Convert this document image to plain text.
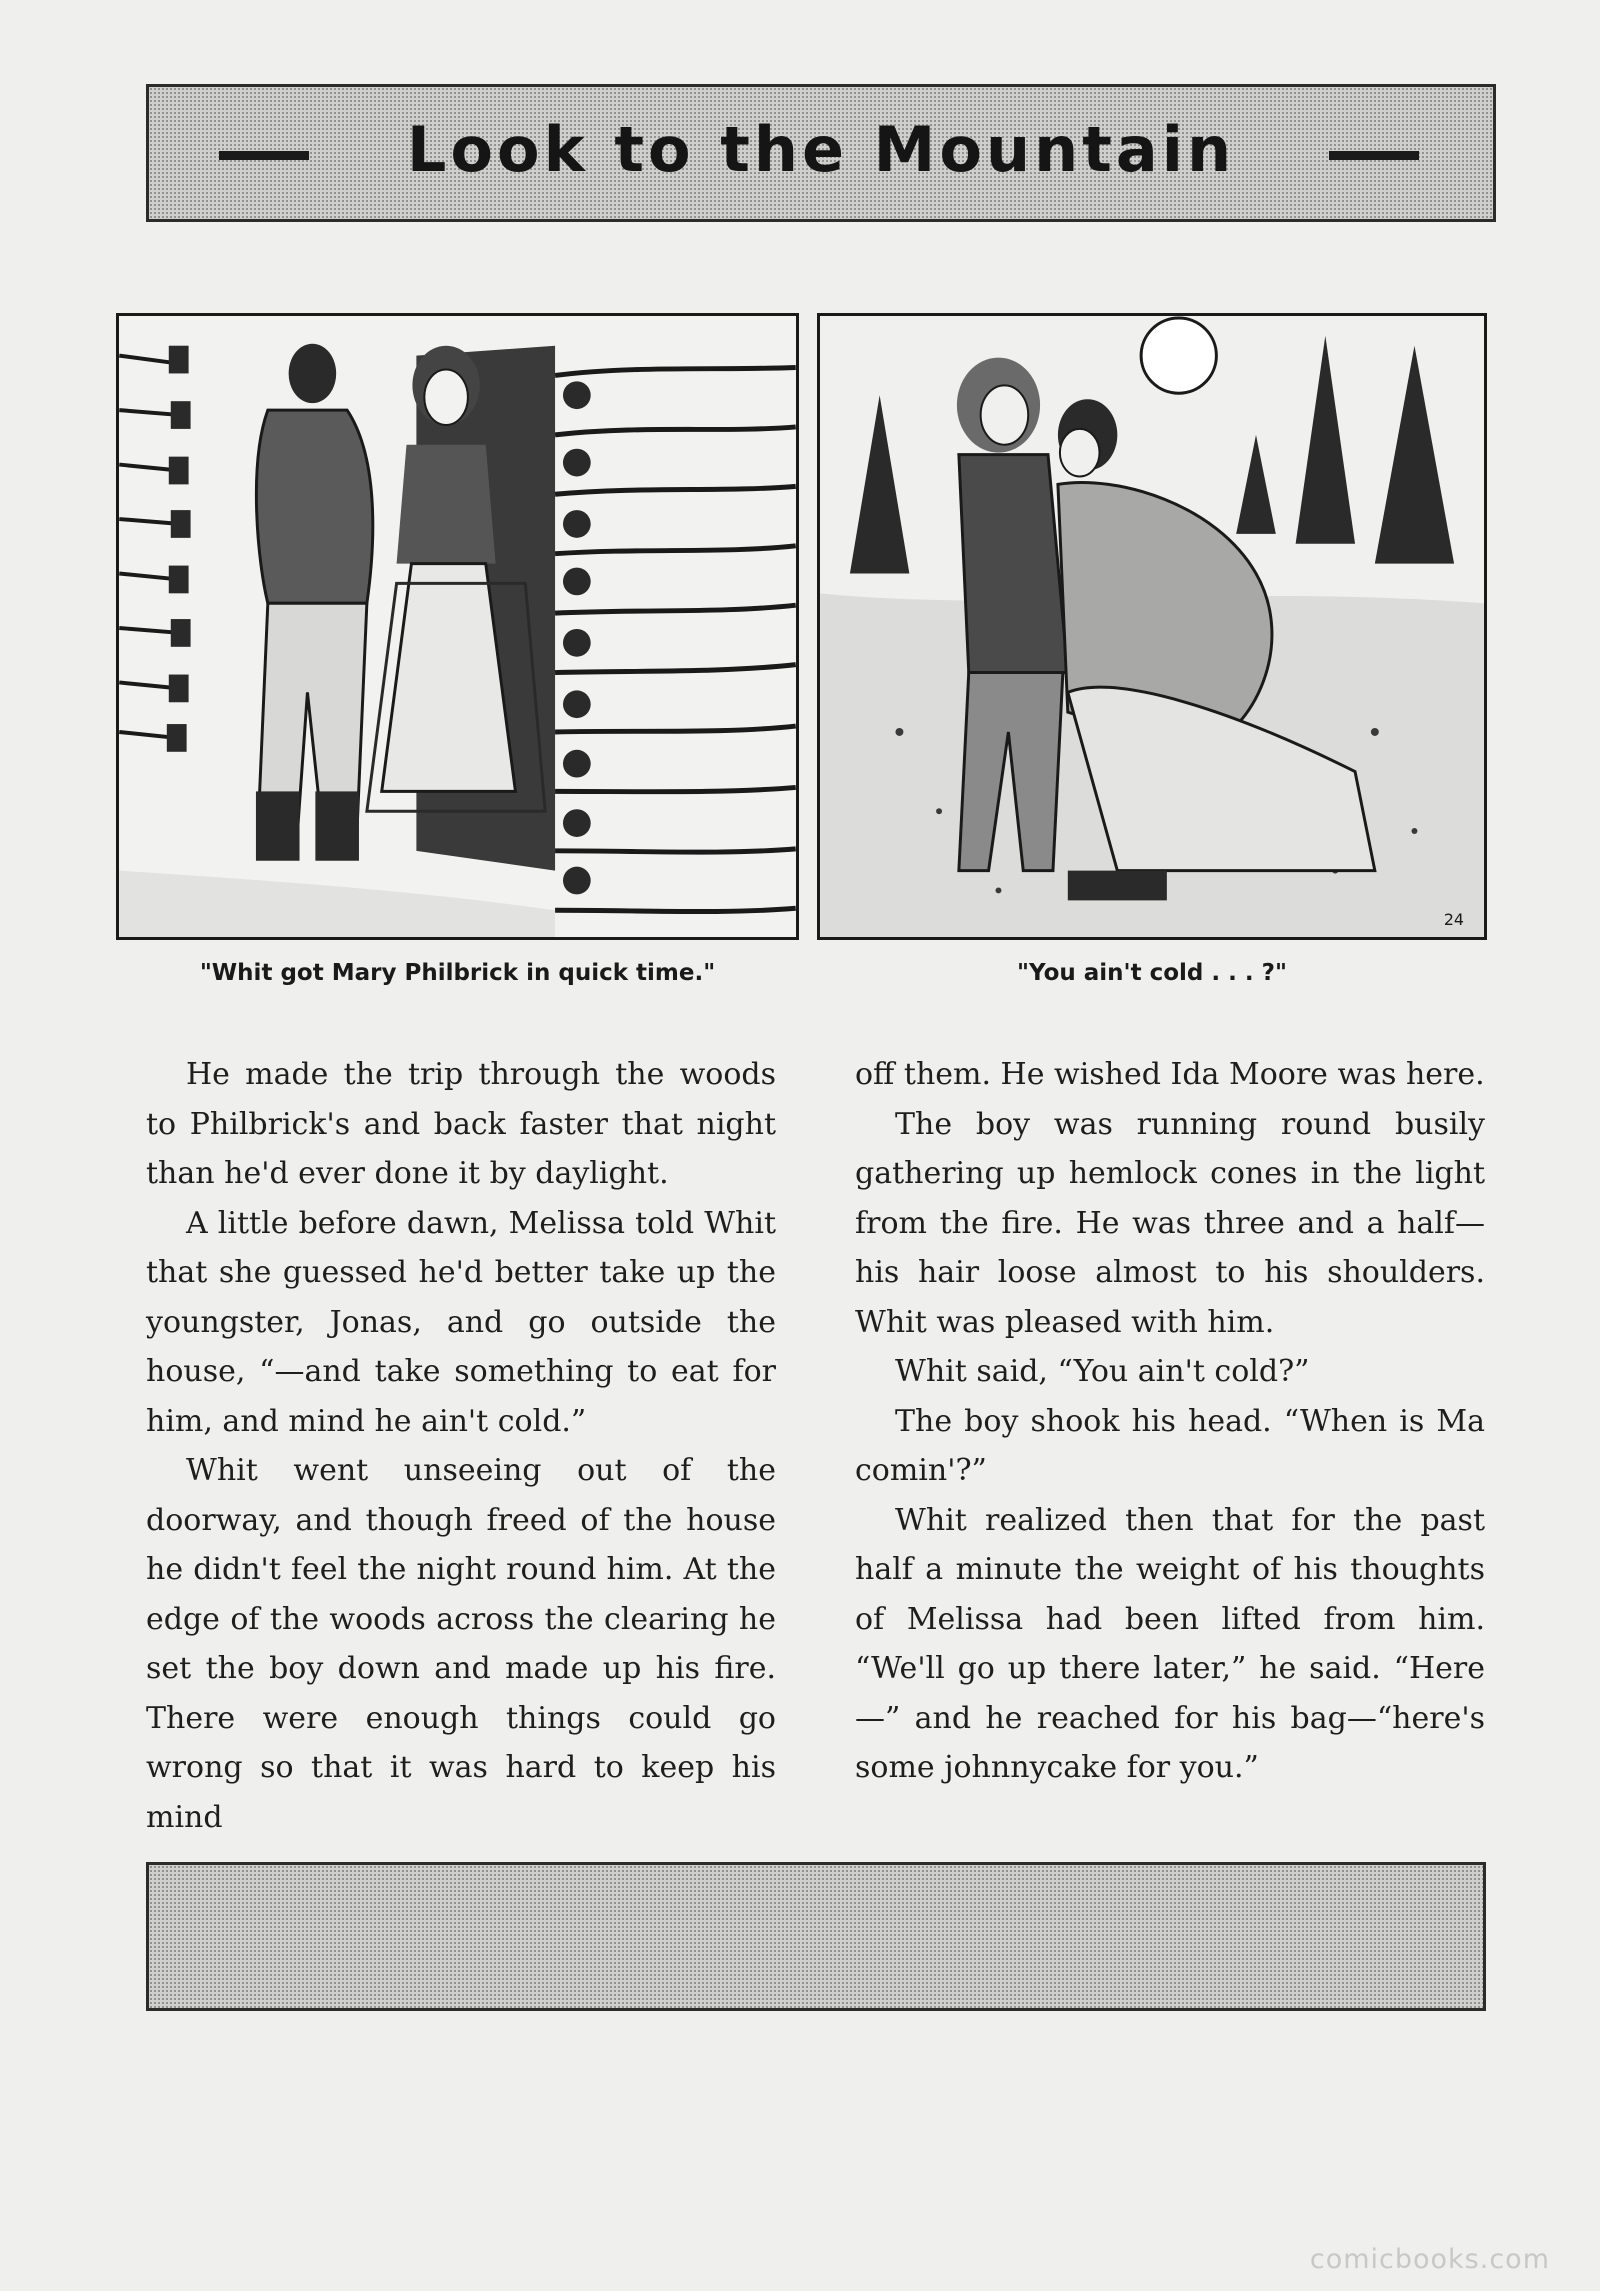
Look to the Mountain
"Whit got Mary Philbrick in quick time."
24
"You ain't cold . . . ?"

He made the trip through the woods to Philbrick's and back faster that night than he'd ever done it by daylight.

A little before dawn, Melissa told Whit that she guessed he'd better take up the youngster, Jonas, and go outside the house, “—and take something to eat for him, and mind he ain't cold.”

Whit went unseeing out of the doorway, and though freed of the house he didn't feel the night round him. At the edge of the woods across the clearing he set the boy down and made up his fire. There were enough things could go wrong so that it was hard to keep his mind

off them. He wished Ida Moore was here.

The boy was running round busily gathering up hemlock cones in the light from the fire. He was three and a half—his hair loose almost to his shoulders. Whit was pleased with him.

Whit said, “You ain't cold?”

The boy shook his head. “When is Ma comin'?”

Whit realized then that for the past half a minute the weight of his thoughts of Melissa had been lifted from him. “We'll go up there later,” he said. “Here—” and he reached for his bag—“here's some johnnycake for you.”

comicbooks.com
